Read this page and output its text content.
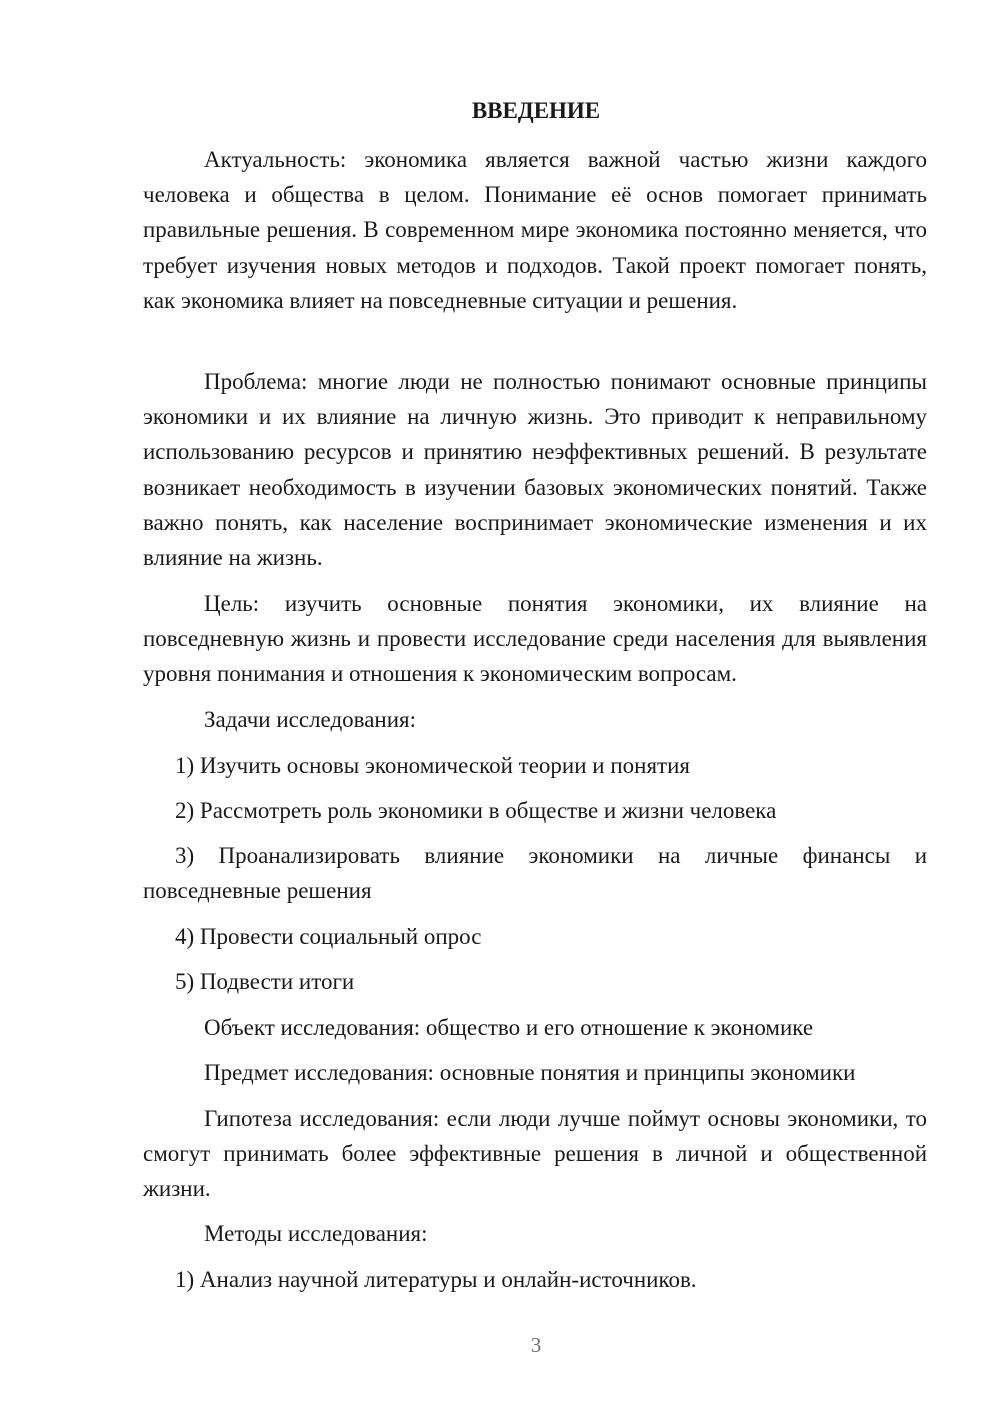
ВВЕДЕНИЕ

Актуальность: экономика является важной частью жизни каждого человека и общества в целом. Понимание её основ помогает принимать правильные решения. В современном мире экономика постоянно меняется, что требует изучения новых методов и подходов. Такой проект помогает понять, как экономика влияет на повседневные ситуации и решения.

Проблема: многие люди не полностью понимают основные принципы экономики и их влияние на личную жизнь. Это приводит к неправильному использованию ресурсов и принятию неэффективных решений. В результате возникает необходимость в изучении базовых экономических понятий. Также важно понять, как население воспринимает экономические изменения и их влияние на жизнь.

Цель: изучить основные понятия экономики, их влияние на повседневную жизнь и провести исследование среди населения для выявления уровня понимания и отношения к экономическим вопросам.

Задачи исследования:

1) Изучить основы экономической теории и понятия

2) Рассмотреть роль экономики в обществе и жизни человека

3) Проанализировать влияние экономики на личные финансы и повседневные решения

4) Провести социальный опрос

5) Подвести итоги

Объект исследования: общество и его отношение к экономике

Предмет исследования: основные понятия и принципы экономики

Гипотеза исследования: если люди лучше поймут основы экономики, то смогут принимать более эффективные решения в личной и общественной жизни.

Методы исследования:

1) Анализ научной литературы и онлайн-источников.

3
